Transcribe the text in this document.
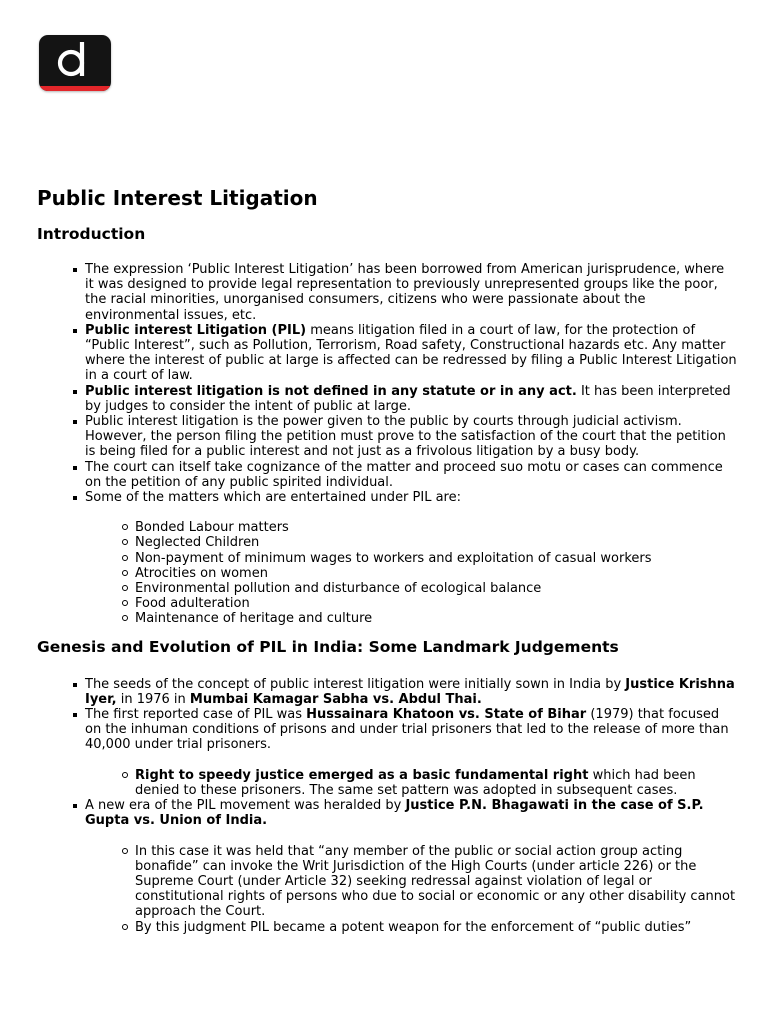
Public Interest Litigation
Introduction
The expression ‘Public Interest Litigation’ has been borrowed from American jurisprudence, where it was designed to provide legal representation to previously unrepresented groups like the poor, the racial minorities, unorganised consumers, citizens who were passionate about the environmental issues, etc.
Public interest Litigation (PIL) means litigation filed in a court of law, for the protection of “Public Interest”, such as Pollution, Terrorism, Road safety, Constructional hazards etc. Any matter where the interest of public at large is affected can be redressed by filing a Public Interest Litigation in a court of law.
Public interest litigation is not defined in any statute or in any act. It has been interpreted by judges to consider the intent of public at large.
Public interest litigation is the power given to the public by courts through judicial activism. However, the person filing the petition must prove to the satisfaction of the court that the petition is being filed for a public interest and not just as a frivolous litigation by a busy body.
The court can itself take cognizance of the matter and proceed suo motu or cases can commence on the petition of any public spirited individual.
Some of the matters which are entertained under PIL are:
Bonded Labour matters
Neglected Children
Non-payment of minimum wages to workers and exploitation of casual workers
Atrocities on women
Environmental pollution and disturbance of ecological balance
Food adulteration
Maintenance of heritage and culture
Genesis and Evolution of PIL in India: Some Landmark Judgements
The seeds of the concept of public interest litigation were initially sown in India by Justice Krishna Iyer, in 1976 in Mumbai Kamagar Sabha vs. Abdul Thai.
The first reported case of PIL was Hussainara Khatoon vs. State of Bihar (1979) that focused on the inhuman conditions of prisons and under trial prisoners that led to the release of more than 40,000 under trial prisoners.
Right to speedy justice emerged as a basic fundamental right which had been denied to these prisoners. The same set pattern was adopted in subsequent cases.
A new era of the PIL movement was heralded by Justice P.N. Bhagawati in the case of S.P. Gupta vs. Union of India.
In this case it was held that “any member of the public or social action group acting bonafide” can invoke the Writ Jurisdiction of the High Courts (under article 226) or the Supreme Court (under Article 32) seeking redressal against violation of legal or constitutional rights of persons who due to social or economic or any other disability cannot approach the Court.
By this judgment PIL became a potent weapon for the enforcement of “public duties”
